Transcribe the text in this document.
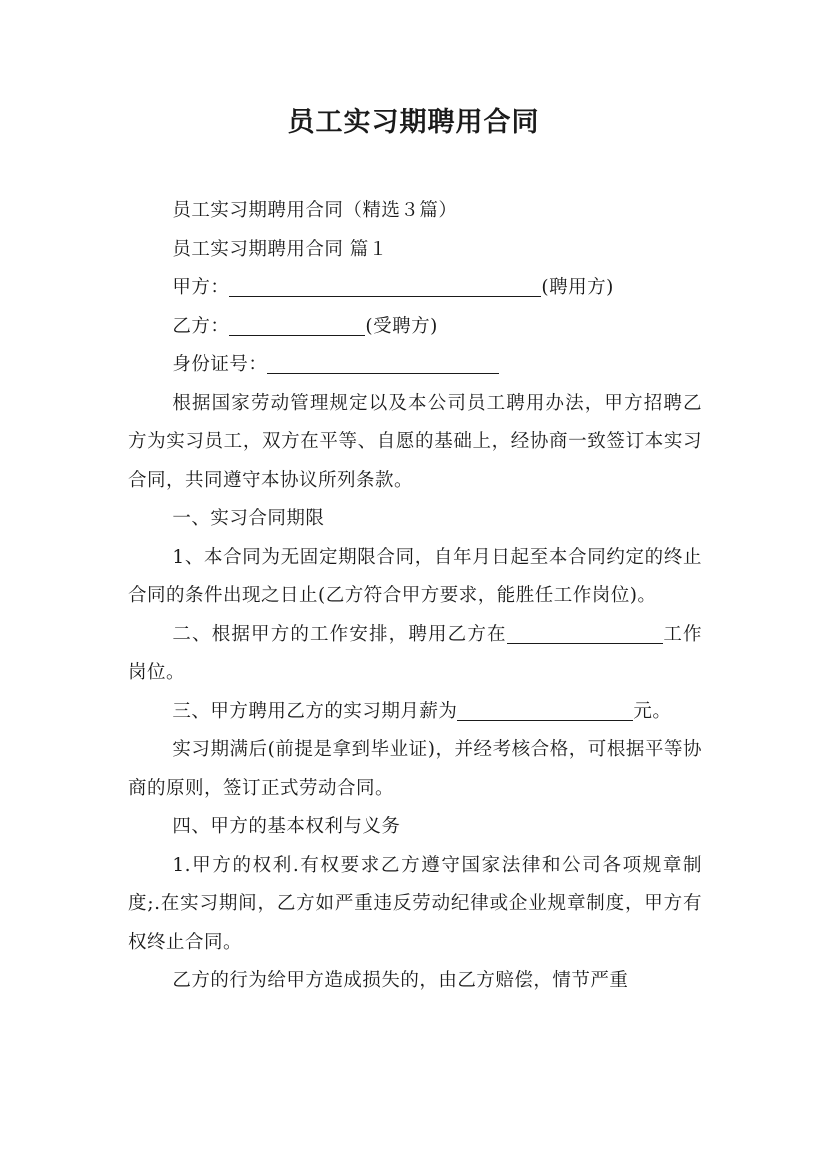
员工实习期聘用合同

员工实习期聘用合同（精选３篇）

员工实习期聘用合同 篇１

甲方：	(聘用方)

乙方：	(受聘方)

身份证号：

根据国家劳动管理规定以及本公司员工聘用办法，甲方招聘乙方为实习员工，双方在平等、自愿的基础上，经协商一致签订本实习合同，共同遵守本协议所列条款。

一、实习合同期限

1、本合同为无固定期限合同，自年月日起至本合同约定的终止合同的条件出现之日止(乙方符合甲方要求，能胜任工作岗位)。

二、根据甲方的工作安排，聘用乙方在	工作岗位。

三、甲方聘用乙方的实习期月薪为	元。

实习期满后(前提是拿到毕业证)，并经考核合格，可根据平等协商的原则，签订正式劳动合同。

四、甲方的基本权利与义务

1.甲方的权利.有权要求乙方遵守国家法律和公司各项规章制度;.在实习期间，乙方如严重违反劳动纪律或企业规章制度，甲方有权终止合同。

乙方的行为给甲方造成损失的，由乙方赔偿，情节严重
